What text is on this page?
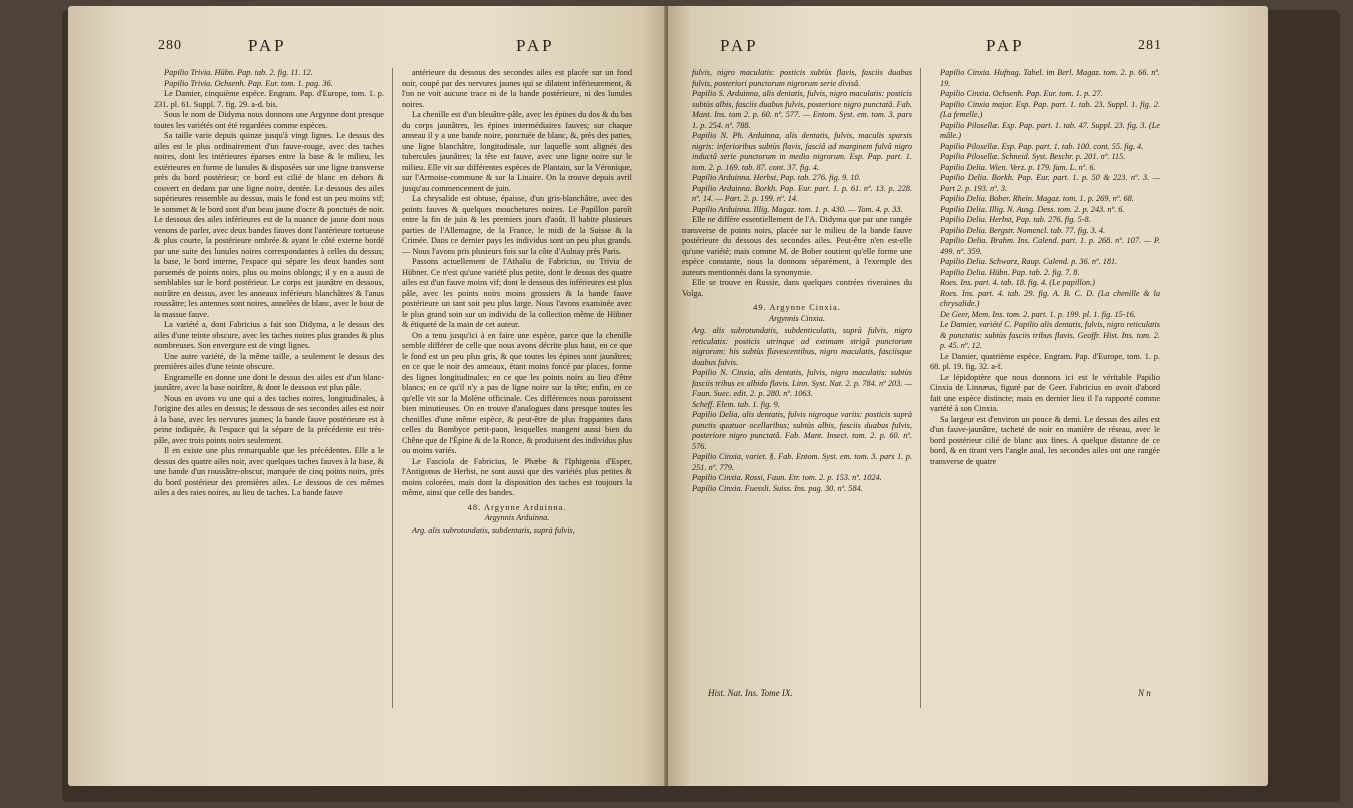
280	PAP	PAP

Papilio Trivia. Hübn. Pap. tab. 2. fig. 11. 12.

Papilio Trivia. Ochsenh. Pap. Eur. tom. 1. pag. 36.

Le Damier, cinquième espèce. Engram. Pap. d'Europe, tom. 1. p. 231. pl. 61. Suppl. 7. fig. 29. a-d. bis.

Sous le nom de Didyma nous donnons une Argynne dont presque toutes les variétés ont été regardées comme espèces.

Sa taille varie depuis quinze jusqu'à vingt lignes. Le dessus des ailes est le plus ordinairement d'un fauve-rouge, avec des taches noires, dont les intérieures éparses entre la base & le milieu, les extérieures en forme de lunules & disposées sur une ligne transverse près du bord postérieur; ce bord est cilié de blanc en dehors & couvert en dedans par une ligne noire, dentée. Le dessous des ailes supérieures ressemble au dessus, mais le fond est un peu moins vif; le sommet & le bord sont d'un beau jaune d'ocre & ponctués de noir. Le dessous des ailes inférieures est de la nuance de jaune dont nous venons de parler, avec deux bandes fauves dont l'antérieure tortueuse & plus courte, la postérieure ombrée & ayant le côté externe bordé par une suite des lunules noires correspondantes à celles du dessus; la base, le bord interne, l'espace qui sépare les deux bandes sont parsemés de points noirs, plus ou moins oblongs; il y en a aussi de semblables sur le bord postérieur. Le corps est jaunâtre en dessous, noirâtre en dessus, avec les anneaux inférieurs blanchâtres & l'anus roussâtre; les antennes sont noires, annelées de blanc, avec le bout de la massue fauve.

La variété a, dont Fabricius a fait son Didyma, a le dessus des ailes d'une teinte obscure, avec les taches noires plus grandes & plus nombreuses. Son envergure est de vingt lignes.

Une autre variété, de la même taille, a seulement le dessus des premières ailes d'une teinte obscure.

Engramelle en donne une dont le dessus des ailes est d'un blanc-jaunâtre, avec la base noirâtre, & dont le dessous est plus pâle.

Nous en avons vu une qui a des taches noires, longitudinales, à l'origine des ailes en dessus; le dessous de ses secondes ailes est noir à la base, avec les nervures jaunes; la bande fauve postérieure est à peine indiquée, & l'espace qui la sépare de la précédente est très-pâle, avec trois points noirs seulement.

Il en existe une plus remarquable que les précédentes. Elle a le dessus des quatre ailes noir, avec quelques taches fauves à la base, & une bande d'un roussâtre-obscur, marquée de cinq points noirs, près du bord postérieur des premières ailes. Le dessous de ces mêmes ailes a des raies noires, au lieu de taches. La bande fauve

antérieure du dessous des secondes ailes est placée sur un fond noir, coupé par des nervures jaunes qui se dilatent inférieurement, & l'on ne voit aucune trace ni de la bande postérieure, ni des lunules noires.

La chenille est d'un bleuâtre-pâle, avec les épines du dos & du bas du corps jaunâtres, les épines intermédiaires fauves; sur chaque anneau il y a une bande noire, ponctuée de blanc, &, près des pattes, une ligne blanchâtre, longitudinale, sur laquelle sont alignés des tubercules jaunâtres; la tête est fauve, avec une ligne noire sur le milieu. Elle vit sur différentes espèces de Plantain, sur la Véronique, sur l'Armoise-commune & sur la Linaire. On la trouve depuis avril jusqu'au commencement de juin.

La chrysalide est obtuse, épaisse, d'un gris-blanchâtre, avec des points fauves & quelques mouchetures noires. Le Papillon paroît entre la fin de juin & les premiers jours d'août. Il habite plusieurs parties de l'Allemagne, de la France, le midi de la Suisse & la Crimée. Dans ce dernier pays les individus sont un peu plus grands. — Nous l'avons pris plusieurs fois sur la côte d'Aulnay près Paris.

Passons actuellement de l'Athalia de Fabricius, ou Trivia de Hübner. Ce n'est qu'une variété plus petite, dont le dessus des quatre ailes est d'un fauve moins vif; dont le dessous des inférieures est plus pâle, avec les points noirs moins grossiers & la bande fauve postérieure un tant soit peu plus large. Nous l'avons examinée avec le plus grand soin sur un individu de la collection même de Hübner & étiqueté de la main de cet auteur.

On a tenu jusqu'ici à en faire une espèce, parce que la chenille semble différer de celle que nous avons décrite plus haut, en ce que le fond est un peu plus gris, & que toutes les épines sont jaunâtres; en ce que le noir des anneaux, étant moins foncé par places, forme des lignes longitudinales; en ce que les points noirs au lieu d'être blancs; en ce qu'il n'y a pas de ligne noire sur la tête; enfin, en ce qu'elle vit sur la Molène officinale. Ces différences nous paroissent bien minutieuses. On en trouve d'analogues dans presque toutes les chenilles d'une même espèce, & peut-être de plus frappantes dans celles du Bombyce petit-paon, lesquelles mangent aussi bien du Chêne que de l'Épine & de la Ronce, & produisent des individus plus ou moins variés.

Le Fasciola de Fabricius, le Phæbe & l'Iphigenia d'Esper, l'Antigonus de Herbst, ne sont aussi que des variétés plus petites & moins colorées, mais dont la disposition des taches est toujours la même, ainsi que celle des bandes.

48. Argynne Arduinna.

Argynnis Arduinna.

Arg. alis subrotundatis, subdentatis, suprà fulvis,

PAP	PAP	281

fulvis, nigro maculatis: posticis subtùs flavis, fasciis duabus fulvis, posteriori punctorum nigrorum serie divisâ.

Papilio S. Arduinna, alis dentatis, fulvis, nigro maculatis: posticis subtùs albis, fasciis duabus fulvis, posteriore nigro punctatâ. Fab. Mant. Ins. tom 2. p. 60. nº. 577. — Entom. Syst. em. tom. 3. pars 1. p. 254. nº. 788.

Papilio N. Ph. Arduinna, alis dentatis, fulvis, maculis sparsis nigris: inferioribus subtùs flavis, fasciâ ad marginem fulvâ nigro inductâ serie punctorum in medio nigrorum. Esp. Pap. part. 1. tom. 2. p. 169. tab. 87. cont. 37. fig. 4.

Papilio Arduinna. Herbst, Pap. tab. 276. fig. 9. 10.

Papilio Arduinna. Borkh. Pap. Eur. part. 1. p. 61. nº. 13. p. 228. nº. 14. — Part. 2. p. 199. nº. 14.

Papilio Arduinna. Illig. Magaz. tom. 1. p. 430. — Tom. 4. p. 33.

Elle ne diffère essentiellement de l'A. Didyma que par une rangée transverse de points noirs, placée sur le milieu de la bande fauve postérieure du dessous des secondes ailes. Peut-être n'en est-elle qu'une variété; mais comme M. de Bober soutient qu'elle forme une espèce constante, nous la donnons séparément, à l'exemple des auteurs mentionnés dans la synonymie.

Elle se trouve en Russie, dans quelques contrées riveraines du Volga.

49. Argynne Cinxia.

Argynnis Cinxia.

Arg. alis subrotundatis, subdenticulatis, suprà fulvis, nigro reticulatis: posticis utrinque ad extimam strigâ punctorum nigrorum: his subtùs flavescentibus, nigro maculatis, fasciisque duabus fulvis.

Papilio N. Cinxia, alis dentatis, fulvis, nigro maculatis: subtùs fasciis tribus ex albido flavis. Linn. Syst. Nat. 2. p. 784. nº 203. — Faun. Suec. edit. 2. p. 280. nº. 1063.

Scheff. Elem. tab. 1. fig. 9.

Papilio Delia, alis dentatis, fulvis nigroque variis: posticis suprà punctis quatuor ocellaribus; subtùs albis, fasciis duabus fulvis, posteriore nigro punctatâ. Fab. Mant. Insect. tom. 2. p. 60. nº. 576.

Papilio Cinxia, variet. §. Fab. Entom. Syst. em. tom. 3. pars 1. p. 251. nº. 779.

Papilio Cinxia. Rossi, Faun. Etr. tom. 2. p. 153. nº. 1024.

Papilio Cinxia. Fuessli. Suiss. Ins. pag. 30. nº. 584.

Papilio Cinxia. Hufnag. Tabel. im Berl. Magaz. tom. 2. p. 66. nº. 19.

Papilio Cinxia. Ochsenh. Pap. Eur. tom. 1. p. 27.

Papilio Cinxia major. Esp. Pap. part. 1. tab. 23. Suppl. 1. fig. 2. (La femelle.)

Papilio Pilosellæ. Esp. Pap. part. 1. tab. 47. Suppl. 23. fig. 3. (Le mâle.)

Papilio Pilosellæ. Esp. Pap. part. 1. tab. 100. cont. 55. fig. 4.

Papilio Pilosellæ. Schneid. Syst. Beschr. p. 201. nº. 115.

Papilio Delia. Wien. Verz. p. 179. fam. L. nº. 6.

Papilio Delia. Borkh. Pap. Eur. part. 1. p. 50 & 223. nº. 3. — Part 2. p. 193. nº. 3.

Papilio Delia. Bober. Rhein. Magaz. tom. 1. p. 269. nº. 68.

Papilio Delia. Illig. N. Ausg. Dess. tom. 2. p. 243. nº. 6.

Papilio Delia. Herbst, Pap. tab. 276. fig. 5-8.

Papilio Delia. Bergstr. Nomencl. tab. 77. fig. 3. 4.

Papilio Delia. Brahm. Ins. Calend. part. 1. p. 268. nº. 107. — P. 499. nº. 359.

Papilio Delia. Schwarz, Raup. Calend. p. 36. nº. 181.

Papilio Delia. Hübn. Pap. tab. 2. fig. 7. 8.

Roes. Ins. part. 4. tab. 18. fig. 4. (Le papillon.)

Roes. Ins. part. 4. tab. 29. fig. A. B. C. D. (La chenille & la chrysalide.)

De Geer, Mem. Ins. tom. 2. part. 1. p. 199. pl. 1. fig. 15-16.

Le Damier, variété C. Papilio alis dentatis, fulvis, nigro reticulatis & punctatis: subtùs fasciis tribus flavis. Geoffr. Hist. Ins. tom. 2. p. 45. nº. 12.

Le Damier, quatrième espèce. Engram. Pap. d'Europe, tom. 1. p. 68. pl. 19. fig. 32. a-f.

Le lépidoptère que nous donnons ici est le véritable Papilio Cinxia de Linnæus, figuré par de Geer. Fabricius en avoit d'abord fait une espèce distincte; mais en dernier lieu il l'a rapporté comme variété à son Cinxia.

Sa largeur est d'environ un pouce & demi. Le dessus des ailes est d'un fauve-jaunâtre, tacheté de noir en manière de réseau, avec le bord postérieur cilié de blanc aux fines. A quelque distance de ce bord, & en tirant vers l'angle anal, les secondes ailes ont une rangée transverse de quatre

Hist. Nat. Ins. Tome IX.	N n
